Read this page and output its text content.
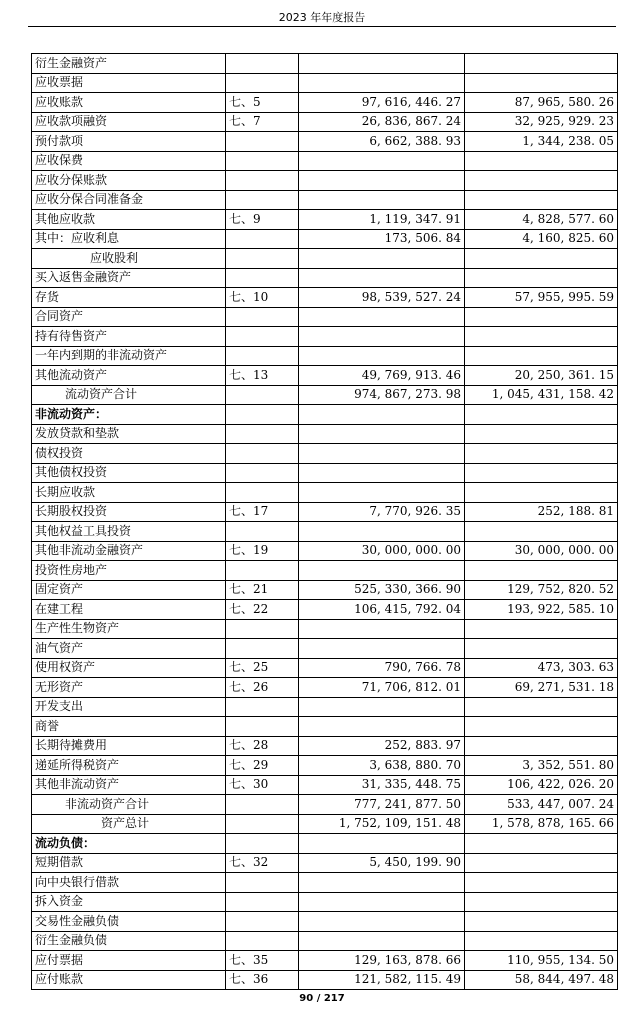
2023 年年度报告
衍生金融资产			
应收票据			
应收账款	七、5	97, 616, 446. 27	87, 965, 580. 26
应收款项融资	七、7	26, 836, 867. 24	32, 925, 929. 23
预付款项		6, 662, 388. 93	1, 344, 238. 05
应收保费			
应收分保账款			
应收分保合同准备金			
其他应收款	七、9	1, 119, 347. 91	4, 828, 577. 60
其中：应收利息		173, 506. 84	4, 160, 825. 60
应收股利			
买入返售金融资产			
存货	七、10	98, 539, 527. 24	57, 955, 995. 59
合同资产			
持有待售资产			
一年内到期的非流动资产			
其他流动资产	七、13	49, 769, 913. 46	20, 250, 361. 15
流动资产合计		974, 867, 273. 98	1, 045, 431, 158. 42
非流动资产：			
发放贷款和垫款			
债权投资			
其他债权投资			
长期应收款			
长期股权投资	七、17	7, 770, 926. 35	252, 188. 81
其他权益工具投资			
其他非流动金融资产	七、19	30, 000, 000. 00	30, 000, 000. 00
投资性房地产			
固定资产	七、21	525, 330, 366. 90	129, 752, 820. 52
在建工程	七、22	106, 415, 792. 04	193, 922, 585. 10
生产性生物资产			
油气资产			
使用权资产	七、25	790, 766. 78	473, 303. 63
无形资产	七、26	71, 706, 812. 01	69, 271, 531. 18
开发支出			
商誉			
长期待摊费用	七、28	252, 883. 97	
递延所得税资产	七、29	3, 638, 880. 70	3, 352, 551. 80
其他非流动资产	七、30	31, 335, 448. 75	106, 422, 026. 20
非流动资产合计		777, 241, 877. 50	533, 447, 007. 24
资产总计		1, 752, 109, 151. 48	1, 578, 878, 165. 66
流动负债：			
短期借款	七、32	5, 450, 199. 90	
向中央银行借款			
拆入资金			
交易性金融负债			
衍生金融负债			
应付票据	七、35	129, 163, 878. 66	110, 955, 134. 50
应付账款	七、36	121, 582, 115. 49	58, 844, 497. 48
90 / 217
